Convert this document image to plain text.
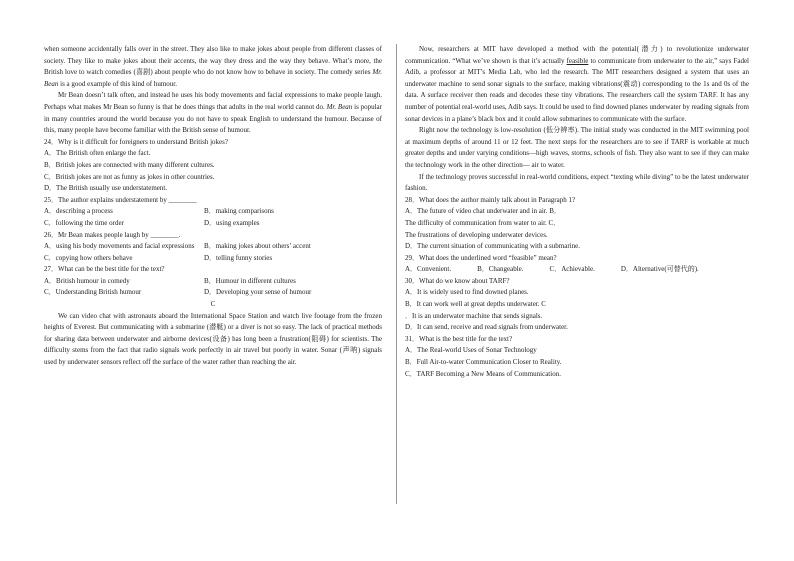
when someone accidentally falls over in the street. They also like to make jokes about people from different classes of society. They like to make jokes about their accents, the way they dress and the way they behave. What’s more, the British love to watch comedies (喜剧) about people who do not know how to behave in society. The comedy series Mr. Bean is a good example of this kind of humour.

Mr Bean doesn’t talk often, and instead he uses his body movements and facial expressions to make people laugh. Perhaps what makes Mr Bean so funny is that he does things that adults in the real world cannot do. Mr. Bean is popular in many countries around the world because you do not have to speak English to understand the humour. Because of this, many people have become familiar with the British sense of humour.

24．Why is it difficult for foreigners to understand British jokes?

A．The British often enlarge the fact.

B．British jokes are connected with many different cultures.

C．British jokes are not as funny as jokes in other countries.

D．The British usually use understatement.

25．The author explains understatement by ________

A．describing a process	B．making comparisons
C．following the time order	D．using examples

26．Mr Bean makes people laugh by ________.

A．using his body movements and facial expressions	B．making jokes about others’ accent
C．copying how others behave	D．telling funny stories

27．What can be the best title for the text?

A．British humour in comedy	B．Humour in different cultures
C．Understanding British humour	D．Developing your sense of humour

C

We can video chat with astronauts aboard the International Space Station and watch live footage from the frozen heights of Everest. But communicating with a submarine (潜艇) or a diver is not so easy. The lack of practical methods for sharing data between underwater and airborne devices(设备) has long been a frustration(阻碍) for scientists. The difficulty stems from the fact that radio signals work perfectly in air travel but poorly in water. Sonar (声呐) signals used by underwater sensors reflect off the surface of the water rather than reaching the air.

Now, researchers at MIT have developed a method with the potential(潜力) to revolutionize underwater communication. “What we’ve shown is that it’s actually feasible to communicate from underwater to the air,” says Fadel Adib, a professor at MIT’s Media Lab, who led the research. The MIT researchers designed a system that uses an underwater machine to send sonar signals to the surface, making vibrations(震动) corresponding to the 1s and 0s of the data. A surface receiver then reads and decodes these tiny vibrations. The researchers call the system TARF. It has any number of potential real-world uses, Adib says. It could be used to find downed planes underwater by reading signals from sonar devices in a plane’s black box and it could allow submarines to communicate with the surface.

Right now the technology is low-resolution (低分辨率). The initial study was conducted in the MIT swimming pool at maximum depths of around 11 or 12 feet. The next steps for the researchers are to see if TARF is workable at much greater depths and under varying conditions—high waves, storms, schools of fish. They also want to see if they can make the technology work in the other direction— air to water.

If the technology proves successful in real-world conditions, expect “texting while diving” to be the latest underwater fashion.

28．What does the author mainly talk about in Paragraph 1?

A．The future of video chat underwater and in air. B．

The difficulty of communication from water to air. C．

The frustrations of developing underwater devices.

D．The current situation of communicating with a submarine.

29．What does the underlined word “feasible” mean?

A．Convenient.	B．Changeable.	C．Achievable.	D．Alternative(可替代的).

30．What do we know about TARF?

A．It is widely used to find downed planes.

B．It can work well at great depths underwater. C

．It is an underwater machine that sends signals.

D．It can send, receive and read signals from underwater.

31．What is the best title for the text?

A．The Real-world Uses of Sonar Technology

B．Full Air-to-water Communication Closer to Reality.

C．TARF Becoming a New Means of Communication.
